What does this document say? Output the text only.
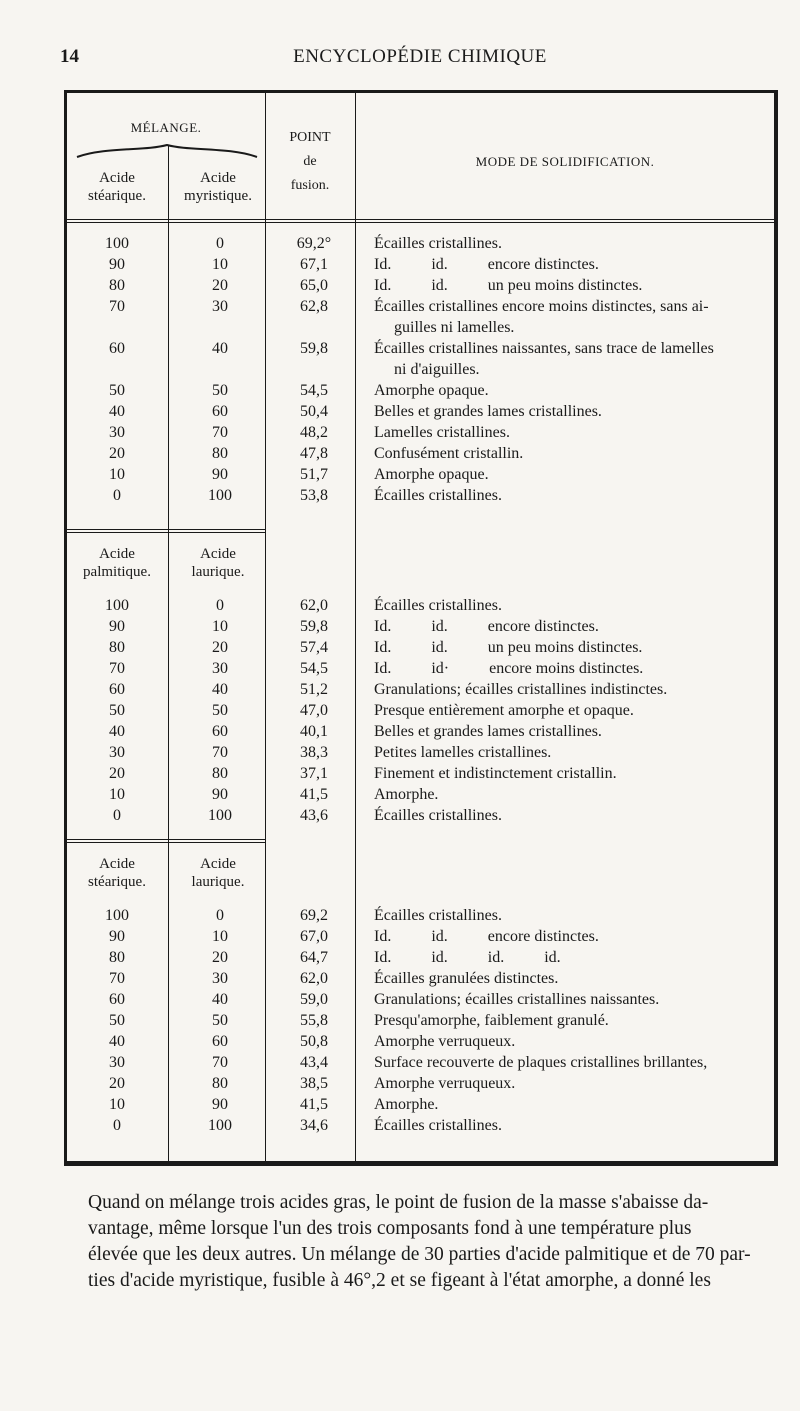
14	ENCYCLOPÉDIE CHIMIQUE
MÉLANGE.
POINT
de
fusion.
MODE DE SOLIDIFICATION.
Acide
stéarique.
Acide
myristique.
100	0	69,2°	Écailles cristallines.
90	10	67,1	Id.          id.          encore distinctes.
80	20	65,0	Id.          id.          un peu moins distinctes.
70	30	62,8	Écailles cristallines encore moins distinctes, sans ai-
guilles ni lamelles.
60	40	59,8	Écailles cristallines naissantes, sans trace de lamelles
ni d'aiguilles.
50	50	54,5	Amorphe opaque.
40	60	50,4	Belles et grandes lames cristallines.
30	70	48,2	Lamelles cristallines.
20	80	47,8	Confusément cristallin.
10	90	51,7	Amorphe opaque.
0	100	53,8	Écailles cristallines.
Acide
palmitique.
Acide
laurique.
100	0	62,0	Écailles cristallines.
90	10	59,8	Id.          id.          encore distinctes.
80	20	57,4	Id.          id.          un peu moins distinctes.
70	30	54,5	Id.          id·          encore moins distinctes.
60	40	51,2	Granulations; écailles cristallines indistinctes.
50	50	47,0	Presque entièrement amorphe et opaque.
40	60	40,1	Belles et grandes lames cristallines.
30	70	38,3	Petites lamelles cristallines.
20	80	37,1	Finement et indistinctement cristallin.
10	90	41,5	Amorphe.
0	100	43,6	Écailles cristallines.
Acide
stéarique.
Acide
laurique.
100	0	69,2	Écailles cristallines.
90	10	67,0	Id.          id.          encore distinctes.
80	20	64,7	Id.          id.          id.          id.
70	30	62,0	Écailles granulées distinctes.
60	40	59,0	Granulations; écailles cristallines naissantes.
50	50	55,8	Presqu'amorphe, faiblement granulé.
40	60	50,8	Amorphe verruqueux.
30	70	43,4	Surface recouverte de plaques cristallines brillantes,
20	80	38,5	Amorphe verruqueux.
10	90	41,5	Amorphe.
0	100	34,6	Écailles cristallines.
Quand on mélange trois acides gras, le point de fusion de la masse s'abaisse da-
vantage, même lorsque l'un des trois composants fond à une température plus
élevée que les deux autres. Un mélange de 30 parties d'acide palmitique et de 70 par-
ties d'acide myristique, fusible à 46°,2 et se figeant à l'état amorphe, a donné les
